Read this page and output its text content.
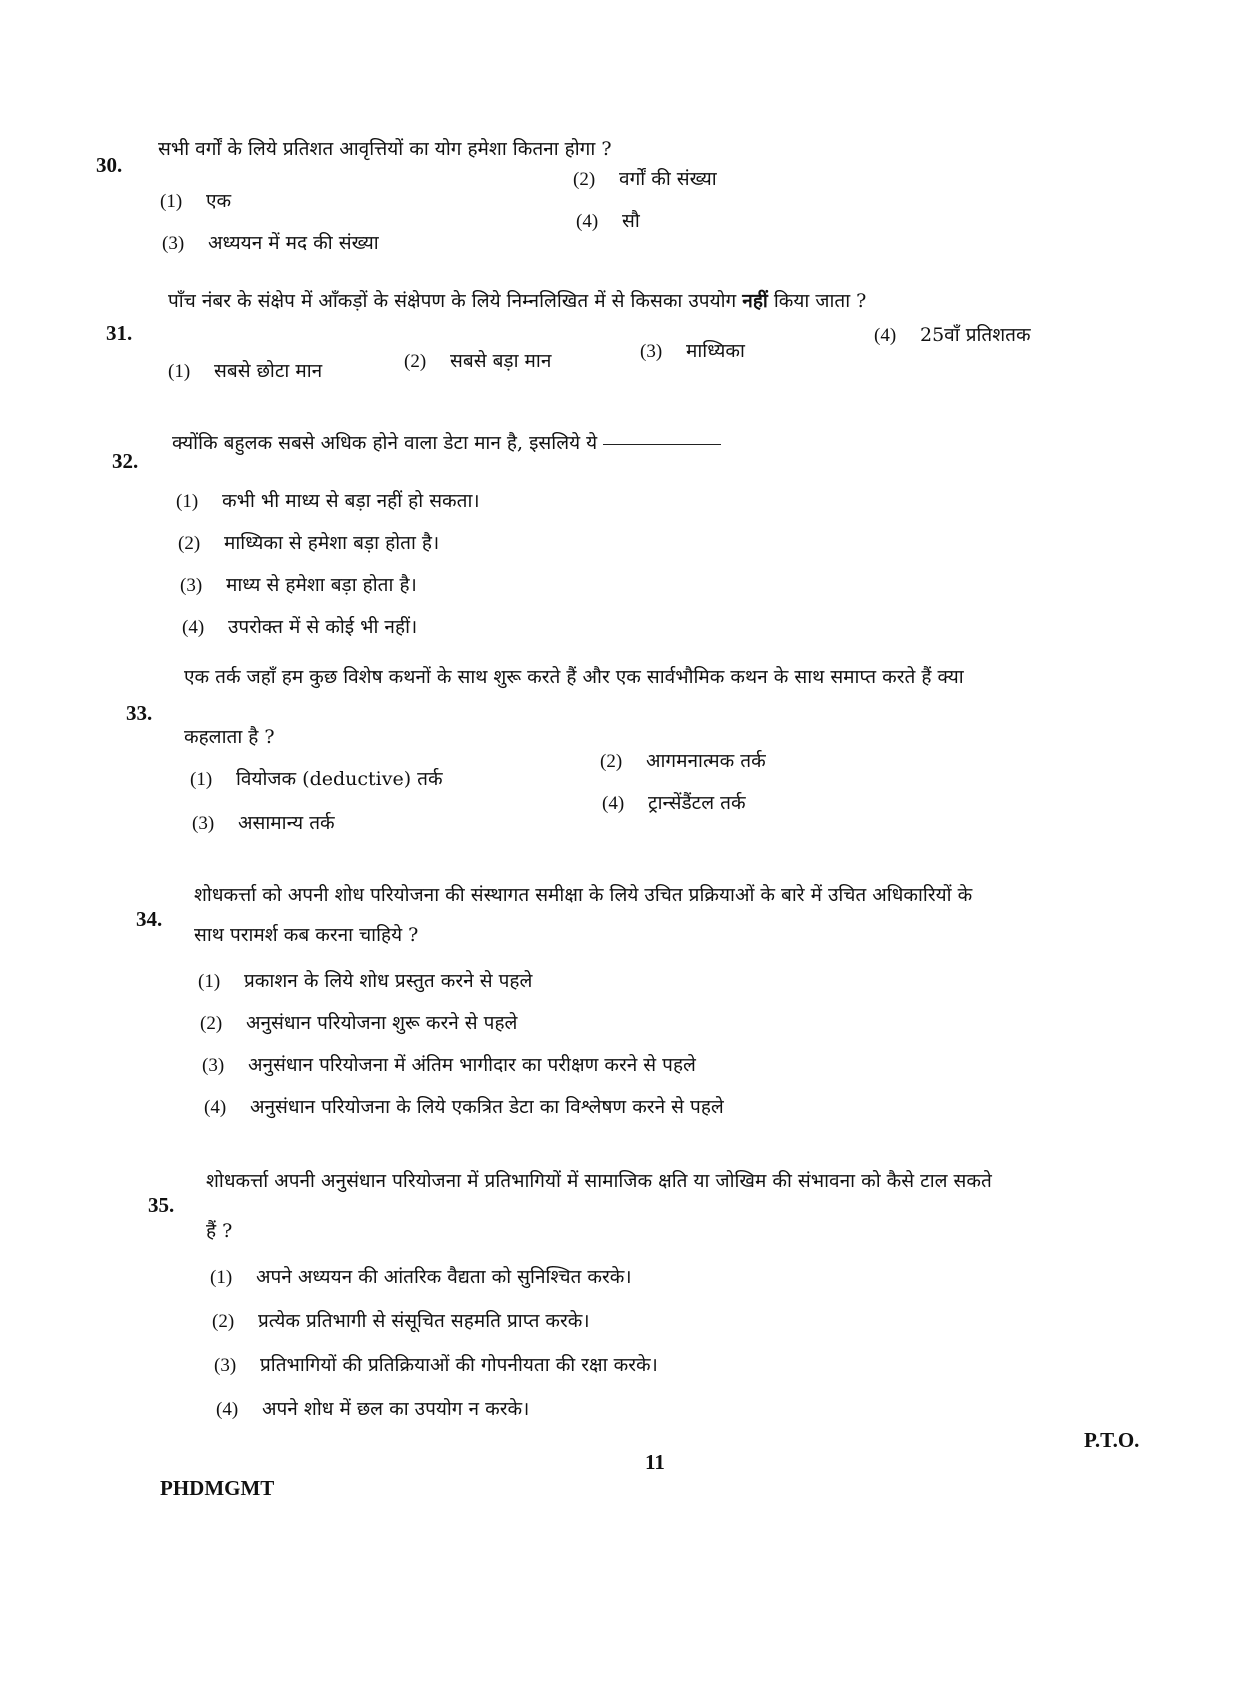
30.
सभी वर्गों के लिये प्रतिशत आवृत्तियों का योग हमेशा कितना होगा ?
(1) एक
(2) वर्गों की संख्या
(3) अध्ययन में मद की संख्या
(4) सौ
31.
पाँच नंबर के संक्षेप में आँकड़ों के संक्षेपण के लिये निम्नलिखित में से किसका उपयोग नहीं किया जाता ?
(1) सबसे छोटा मान	(2) सबसे बड़ा मान	(3) माध्यिका
(4) 25वाँ प्रतिशतक
32.
क्योंकि बहुलक सबसे अधिक होने वाला डेटा मान है, इसलिये ये
(1) कभी भी माध्य से बड़ा नहीं हो सकता।
(2) माध्यिका से हमेशा बड़ा होता है।
(3) माध्य से हमेशा बड़ा होता है।
(4) उपरोक्त में से कोई भी नहीं।
33.
एक तर्क जहाँ हम कुछ विशेष कथनों के साथ शुरू करते हैं और एक सार्वभौमिक कथन के साथ समाप्त करते हैं क्या
कहलाता है ?
(1) वियोजक (deductive) तर्क
(2) आगमनात्मक तर्क
(3) असामान्य तर्क
(4) ट्रान्सेंडैंटल तर्क
34.
शोधकर्त्ता को अपनी शोध परियोजना की संस्थागत समीक्षा के लिये उचित प्रक्रियाओं के बारे में उचित अधिकारियों के
साथ परामर्श कब करना चाहिये ?
(1) प्रकाशन के लिये शोध प्रस्तुत करने से पहले
(2) अनुसंधान परियोजना शुरू करने से पहले
(3) अनुसंधान परियोजना में अंतिम भागीदार का परीक्षण करने से पहले
(4) अनुसंधान परियोजना के लिये एकत्रित डेटा का विश्लेषण करने से पहले
35.
शोधकर्त्ता अपनी अनुसंधान परियोजना में प्रतिभागियों में सामाजिक क्षति या जोखिम की संभावना को कैसे टाल सकते
हैं ?
(1) अपने अध्ययन की आंतरिक वैद्यता को सुनिश्चित करके।
(2) प्रत्येक प्रतिभागी से संसूचित सहमति प्राप्त करके।
(3) प्रतिभागियों की प्रतिक्रियाओं की गोपनीयता की रक्षा करके।
(4) अपने शोध में छल का उपयोग न करके।
P.T.O.
11
PHDMGMT
